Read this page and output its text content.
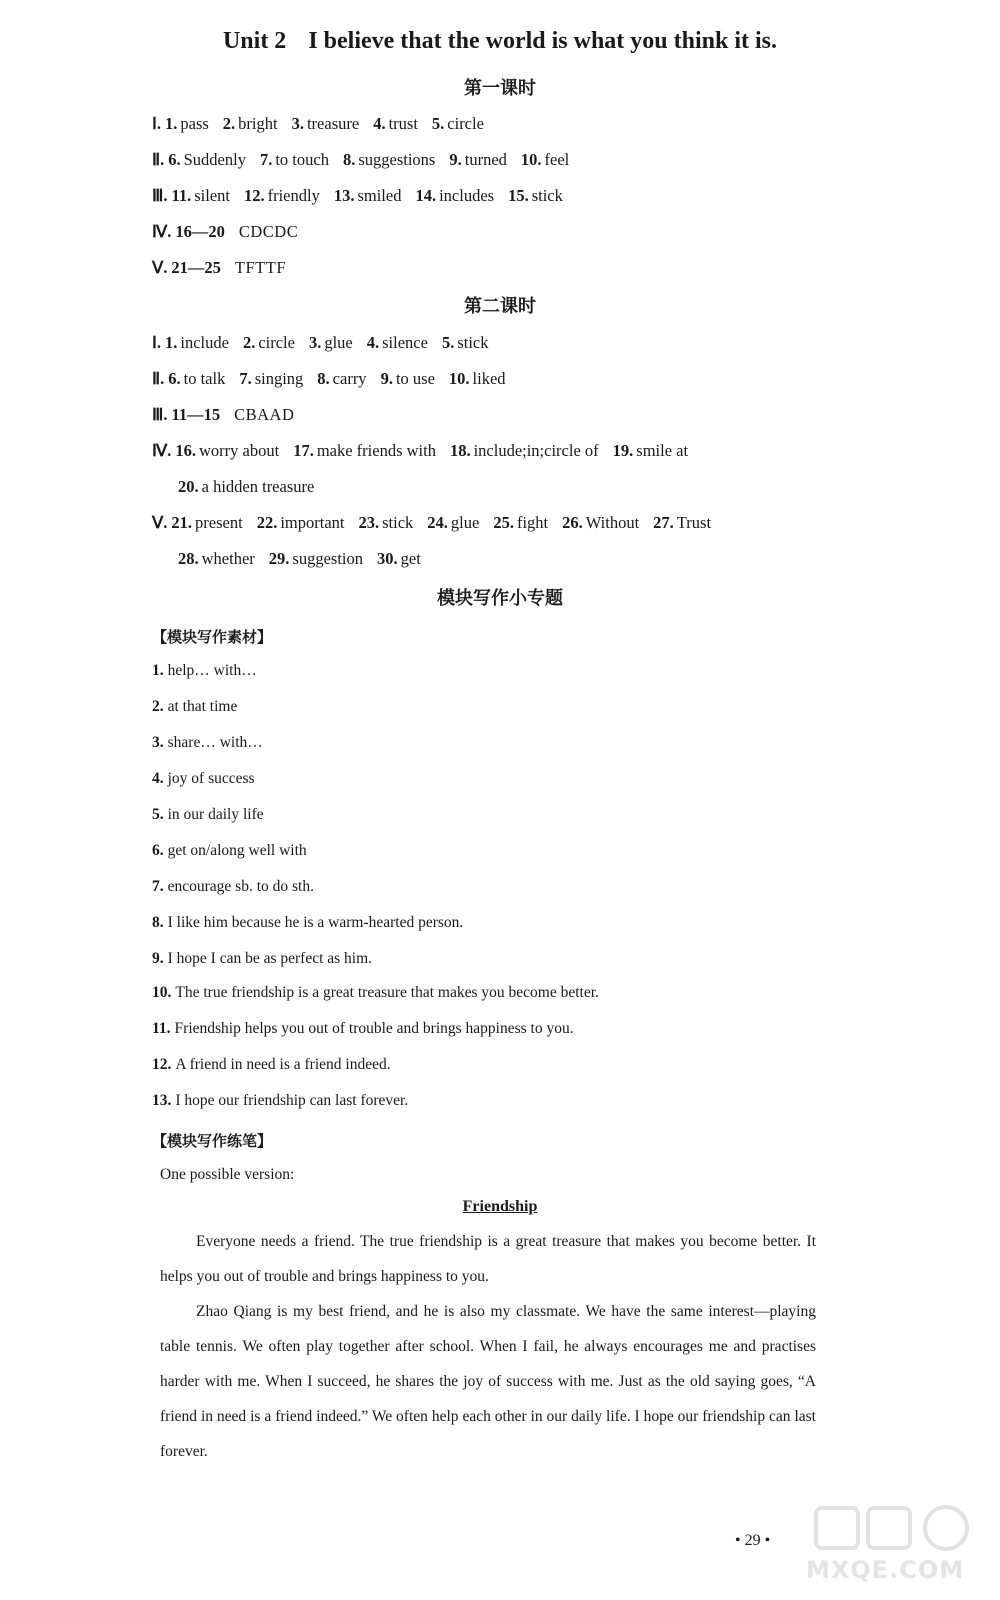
Unit 2 I believe that the world is what you think it is.
第一课时
Ⅰ. 1. pass 2. bright 3. treasure 4. trust 5. circle
Ⅱ. 6. Suddenly 7. to touch 8. suggestions 9. turned 10. feel
Ⅲ. 11. silent 12. friendly 13. smiled 14. includes 15. stick
Ⅳ. 16—20 CDCDC
Ⅴ. 21—25 TFTTF
第二课时
Ⅰ. 1. include 2. circle 3. glue 4. silence 5. stick
Ⅱ. 6. to talk 7. singing 8. carry 9. to use 10. liked
Ⅲ. 11—15 CBAAD
Ⅳ. 16. worry about 17. make friends with 18. include;in;circle of 19. smile at
20. a hidden treasure
Ⅴ. 21. present 22. important 23. stick 24. glue 25. fight 26. Without 27. Trust
28. whether 29. suggestion 30. get
模块写作小专题
【模块写作素材】
1. help… with…
2. at that time
3. share… with…
4. joy of success
5. in our daily life
6. get on/along well with
7. encourage sb. to do sth.
8. I like him because he is a warm-hearted person.
9. I hope I can be as perfect as him.
10. The true friendship is a great treasure that makes you become better.
11. Friendship helps you out of trouble and brings happiness to you.
12. A friend in need is a friend indeed.
13. I hope our friendship can last forever.
【模块写作练笔】
One possible version:
Friendship
Everyone needs a friend. The true friendship is a great treasure that makes you become better. It helps you out of trouble and brings happiness to you.
Zhao Qiang is my best friend, and he is also my classmate. We have the same interest—playing table tennis. We often play together after school. When I fail, he always encourages me and practises harder with me. When I succeed, he shares the joy of success with me. Just as the old saying goes, “A friend in need is a friend indeed.” We often help each other in our daily life. I hope our friendship can last forever.
• 29 •
MXQE.COM
